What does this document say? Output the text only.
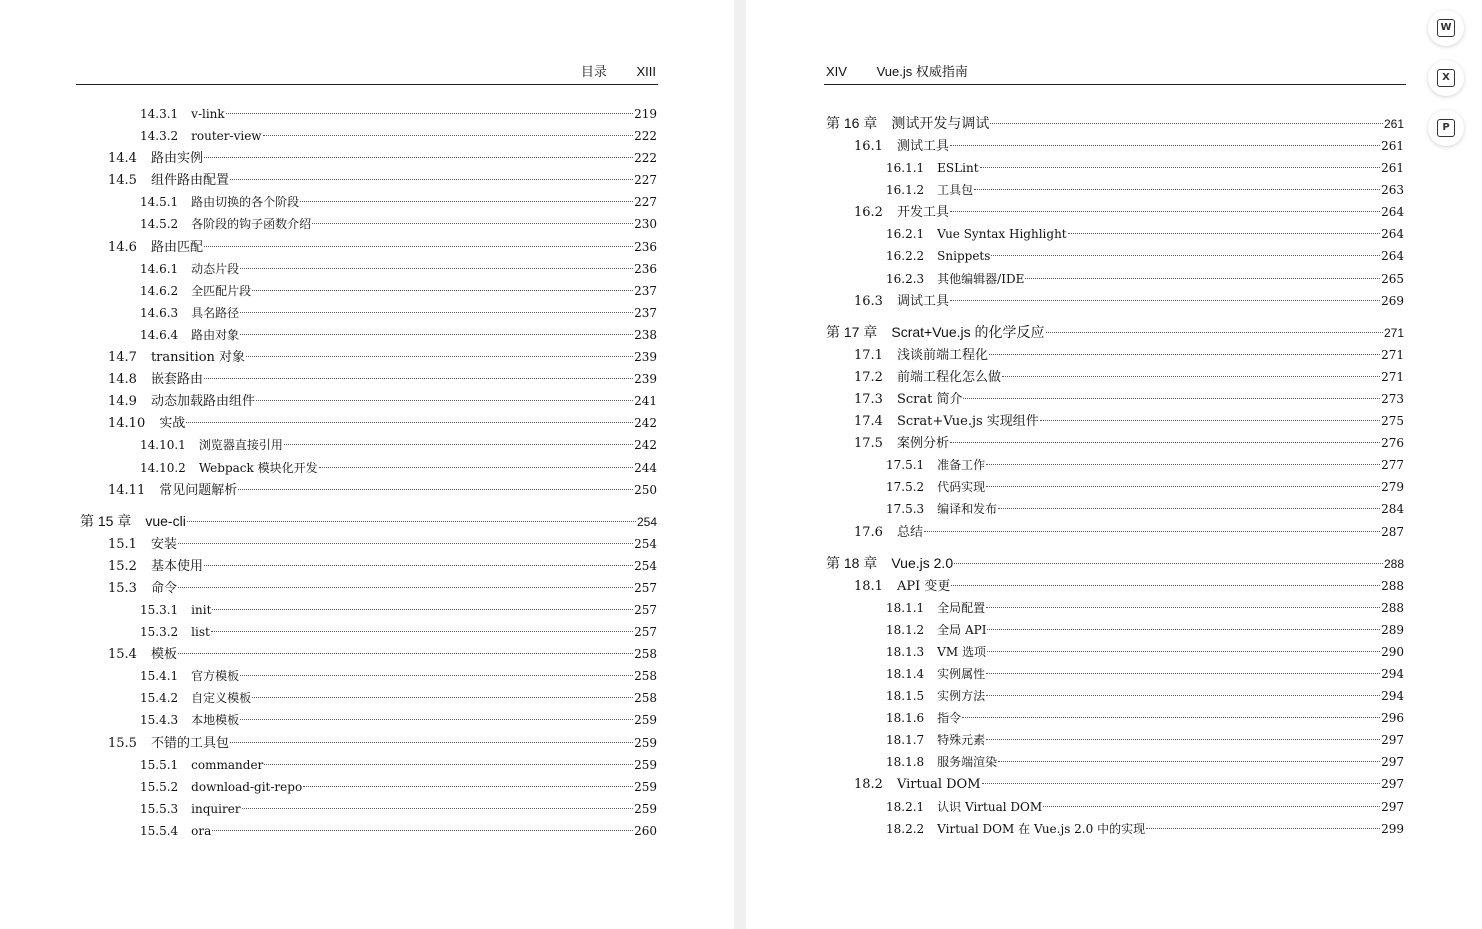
目录 XIII
14.3.1 v-link	219
14.3.2 router-view	222
14.4 路由实例	222
14.5 组件路由配置	227
14.5.1 路由切换的各个阶段	227
14.5.2 各阶段的钩子函数介绍	230
14.6 路由匹配	236
14.6.1 动态片段	236
14.6.2 全匹配片段	237
14.6.3 具名路径	237
14.6.4 路由对象	238
14.7 transition 对象	239
14.8 嵌套路由	239
14.9 动态加载路由组件	241
14.10 实战	242
14.10.1 浏览器直接引用	242
14.10.2 Webpack 模块化开发	244
14.11 常见问题解析	250
第 15 章 vue-cli	254
15.1 安装	254
15.2 基本使用	254
15.3 命令	257
15.3.1 init	257
15.3.2 list	257
15.4 模板	258
15.4.1 官方模板	258
15.4.2 自定义模板	258
15.4.3 本地模板	259
15.5 不错的工具包	259
15.5.1 commander	259
15.5.2 download-git-repo	259
15.5.3 inquirer	259
15.5.4 ora	260
XIV Vue.js 权威指南
第 16 章 测试开发与调试	261
16.1 测试工具	261
16.1.1 ESLint	261
16.1.2 工具包	263
16.2 开发工具	264
16.2.1 Vue Syntax Highlight	264
16.2.2 Snippets	264
16.2.3 其他编辑器/IDE	265
16.3 调试工具	269
第 17 章 Scrat+Vue.js 的化学反应	271
17.1 浅谈前端工程化	271
17.2 前端工程化怎么做	271
17.3 Scrat 简介	273
17.4 Scrat+Vue.js 实现组件	275
17.5 案例分析	276
17.5.1 准备工作	277
17.5.2 代码实现	279
17.5.3 编译和发布	284
17.6 总结	287
第 18 章 Vue.js 2.0	288
18.1 API 变更	288
18.1.1 全局配置	288
18.1.2 全局 API	289
18.1.3 VM 选项	290
18.1.4 实例属性	294
18.1.5 实例方法	294
18.1.6 指令	296
18.1.7 特殊元素	297
18.1.8 服务端渲染	297
18.2 Virtual DOM	297
18.2.1 认识 Virtual DOM	297
18.2.2 Virtual DOM 在 Vue.js 2.0 中的实现	299
W
X
P
